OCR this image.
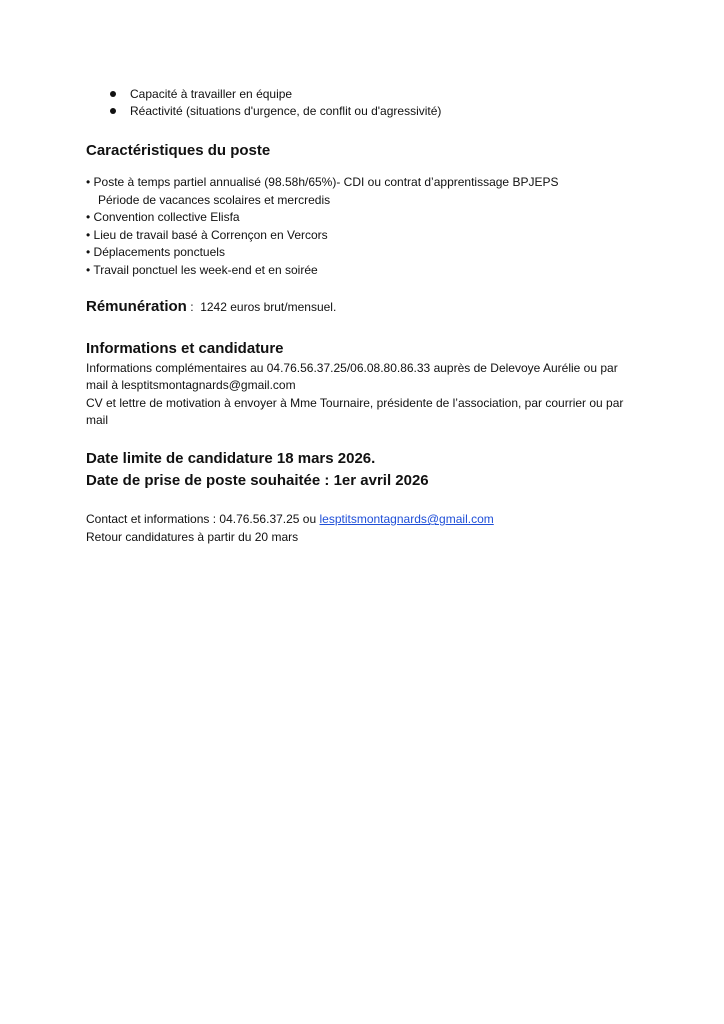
Capacité à travailler en équipe
Réactivité (situations d'urgence, de conflit ou d'agressivité)
Caractéristiques du poste
• Poste à temps partiel annualisé (98.58h/65%)- CDI ou contrat d’apprentissage BPJEPS
Période de vacances scolaires et mercredis
• Convention collective Elisfa
• Lieu de travail basé à Corrençon en Vercors
• Déplacements ponctuels
• Travail ponctuel les week-end et en soirée
Rémunération :  1242 euros brut/mensuel.
Informations et candidature
Informations complémentaires au 04.76.56.37.25/06.08.80.86.33 auprès de Delevoye Aurélie ou par mail à lesptitsmontagnards@gmail.com
CV et lettre de motivation à envoyer à Mme Tournaire, présidente de l’association, par courrier ou par mail
Date limite de candidature 18 mars 2026.
Date de prise de poste souhaitée : 1er avril 2026
Contact et informations : 04.76.56.37.25 ou lesptitsmontagnards@gmail.com
Retour candidatures à partir du 20 mars
